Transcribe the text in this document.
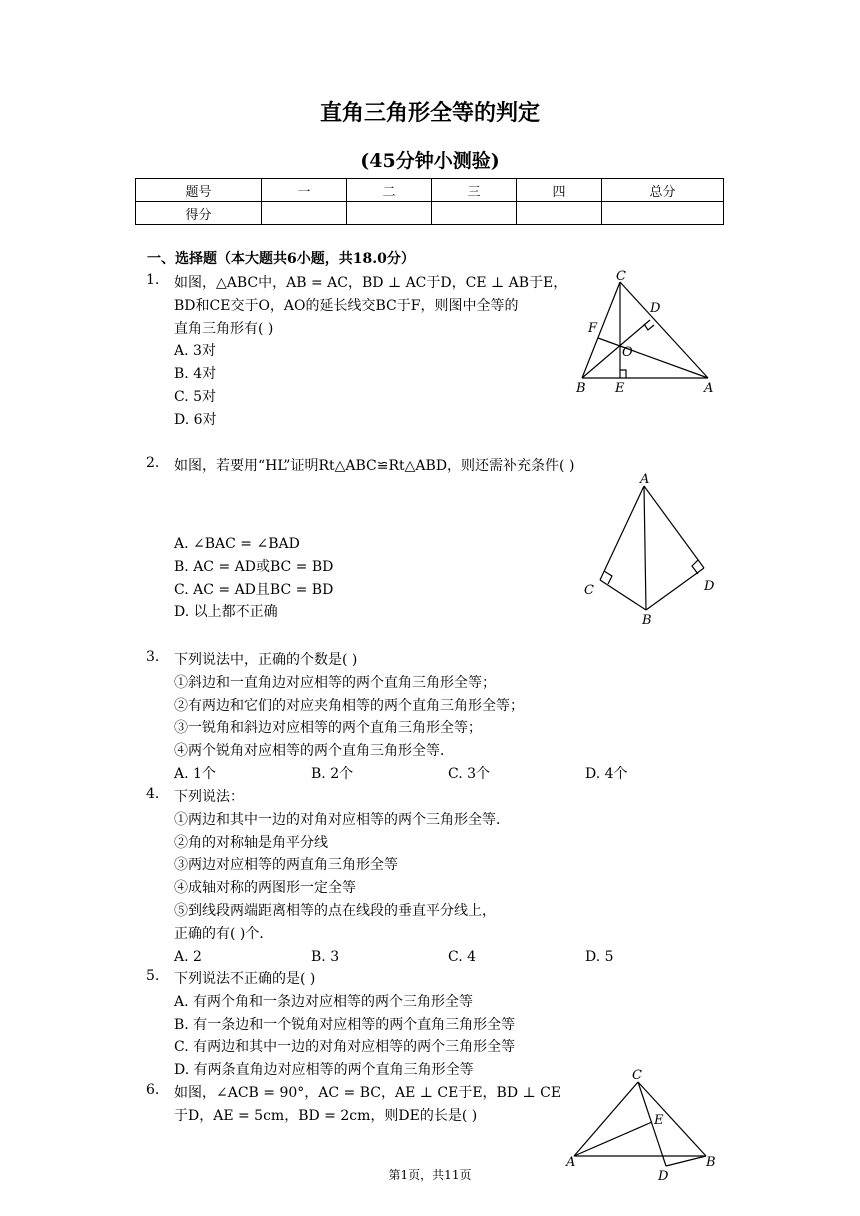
直角三角形全等的判定
(45分钟小测验)
题号	一	二	三	四	总分
得分					
一、选择题（本大题共6小题，共18.0分）
1. 如图，△ABC中，AB = AC，BD ⊥ AC于D，CE ⊥ AB于E，
BD和CE交于O，AO的延长线交BC于F，则图中全等的
直角三角形有( )
A. 3对
B. 4对
C. 5对
D. 6对
C
D
F
O
B E	A
2. 如图，若要用“HL”证明Rt△ABC≌Rt△ABD，则还需补充条件( )
A. ∠BAC = ∠BAD
B. AC = AD或BC = BD
C. AC = AD且BC = BD
D. 以上都不正确
A
C	D
B
3. 下列说法中，正确的个数是( )
①斜边和一直角边对应相等的两个直角三角形全等；
②有两边和它们的对应夹角相等的两个直角三角形全等；
③一锐角和斜边对应相等的两个直角三角形全等；
④两个锐角对应相等的两个直角三角形全等．
A. 1个	B. 2个	C. 3个	D. 4个
4. 下列说法：
①两边和其中一边的对角对应相等的两个三角形全等．
②角的对称轴是角平分线
③两边对应相等的两直角三角形全等
④成轴对称的两图形一定全等
⑤到线段两端距离相等的点在线段的垂直平分线上，
正确的有( )个．
A. 2	B. 3	C. 4	D. 5
5. 下列说法不正确的是( )
A. 有两个角和一条边对应相等的两个三角形全等
B. 有一条边和一个锐角对应相等的两个直角三角形全等
C. 有两边和其中一边的对角对应相等的两个三角形全等
D. 有两条直角边对应相等的两个直角三角形全等
6. 如图，∠ACB = 90°，AC = BC，AE ⊥ CE于E，BD ⊥ CE
于D，AE = 5cm，BD = 2cm，则DE的长是( )
C
E
A
D
B
第1页，共11页
